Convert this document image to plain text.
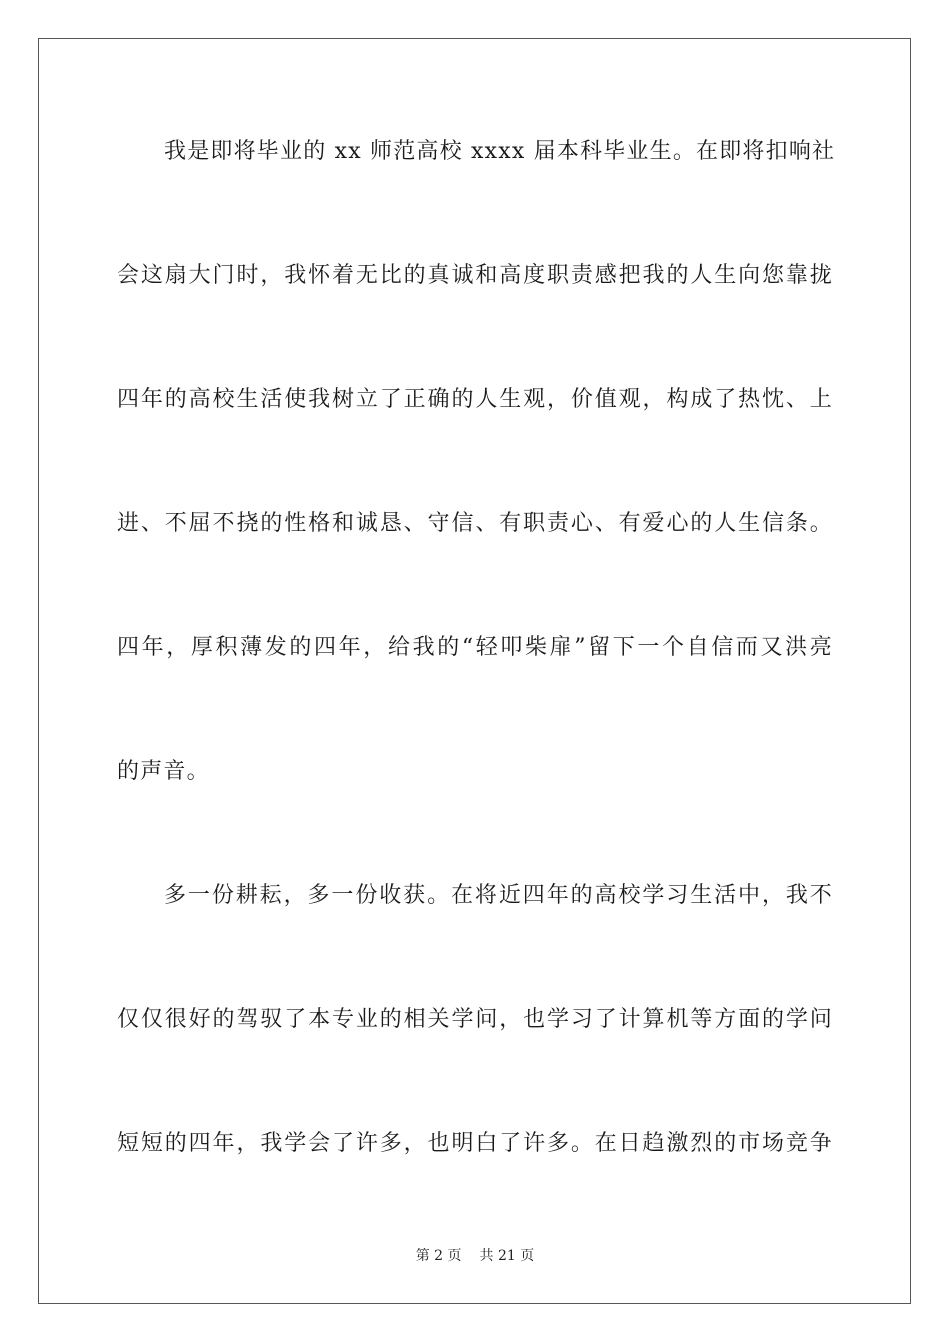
我是即将毕业的 xx 师范高校 xxxx 届本科毕业生。在即将扣响社
会这扇大门时，我怀着无比的真诚和高度职责感把我的人生向您靠拢
四年的高校生活使我树立了正确的人生观，价值观，构成了热忱、上
进、不屈不挠的性格和诚恳、守信、有职责心、有爱心的人生信条。
四年，厚积薄发的四年，给我的“轻叩柴扉”留下一个自信而又洪亮
的声音。
多一份耕耘，多一份收获。在将近四年的高校学习生活中，我不
仅仅很好的驾驭了本专业的相关学问，也学习了计算机等方面的学问
短短的四年，我学会了许多，也明白了许多。在日趋激烈的市场竞争
第 2 页 共 21 页
